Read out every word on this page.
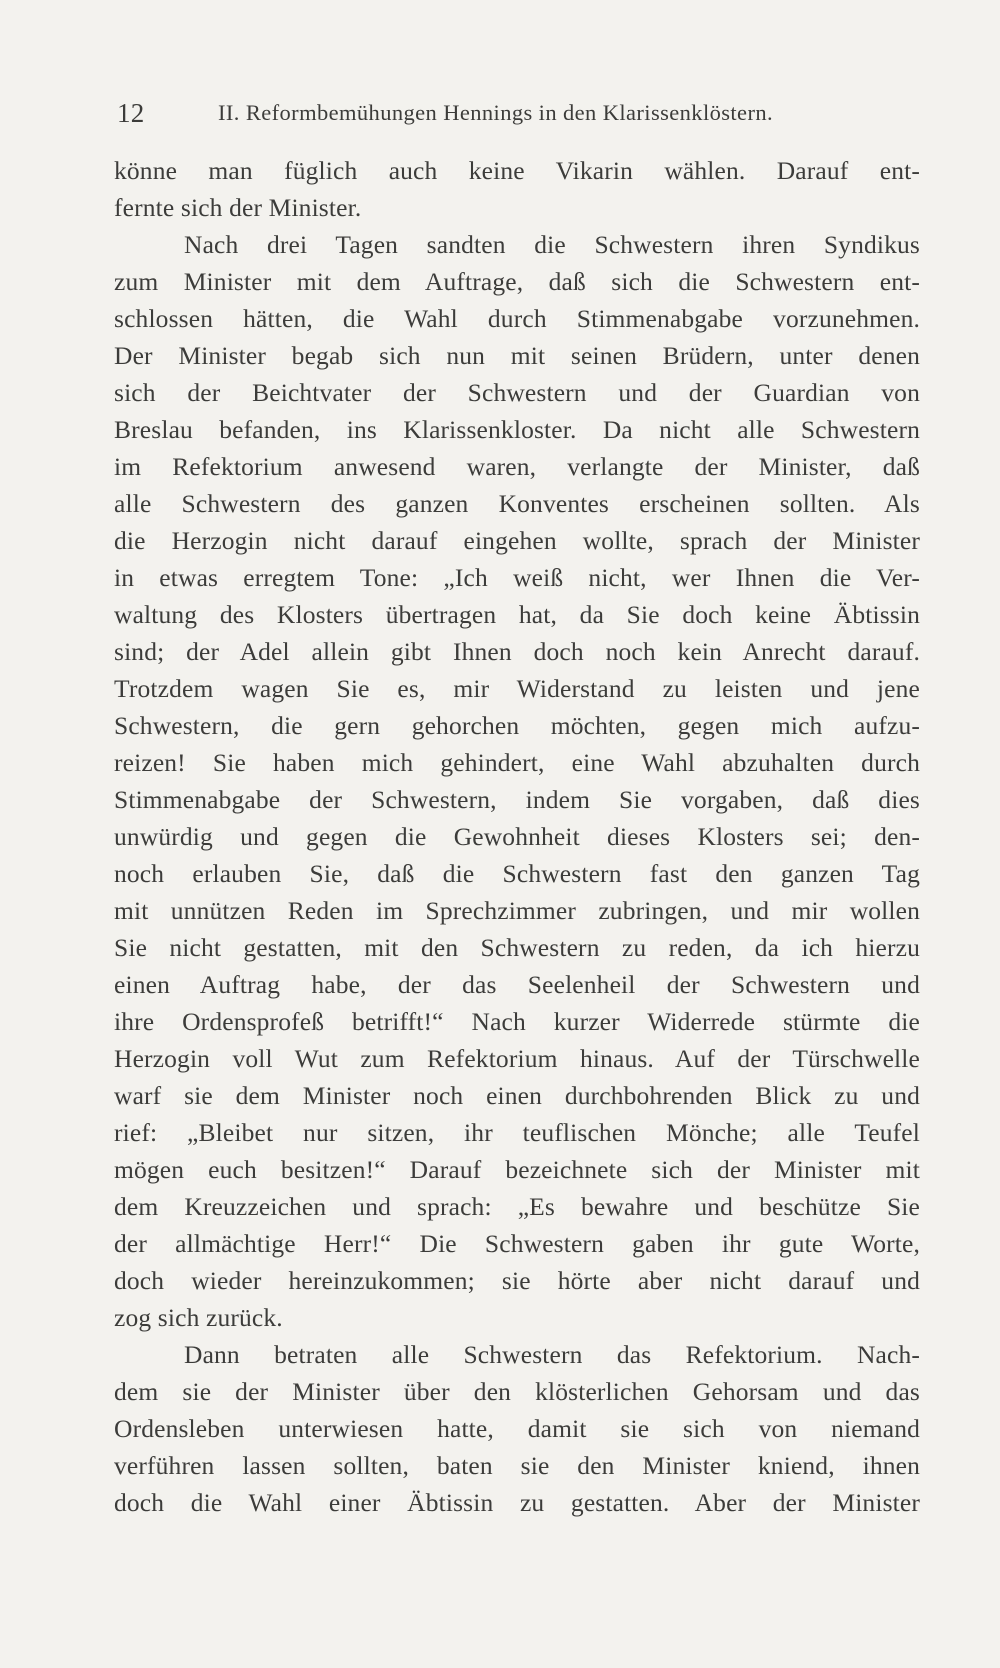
12	II. Reformbemühungen Hennings in den Klarissenklöstern.
könne man füglich auch keine Vikarin wählen. Darauf ent-
fernte sich der Minister.
Nach drei Tagen sandten die Schwestern ihren Syndikus
zum Minister mit dem Auftrage, daß sich die Schwestern ent-
schlossen hätten, die Wahl durch Stimmenabgabe vorzunehmen.
Der Minister begab sich nun mit seinen Brüdern, unter denen
sich der Beichtvater der Schwestern und der Guardian von
Breslau befanden, ins Klarissenkloster. Da nicht alle Schwestern
im Refektorium anwesend waren, verlangte der Minister, daß
alle Schwestern des ganzen Konventes erscheinen sollten. Als
die Herzogin nicht darauf eingehen wollte, sprach der Minister
in etwas erregtem Tone: „Ich weiß nicht, wer Ihnen die Ver-
waltung des Klosters übertragen hat, da Sie doch keine Äbtissin
sind; der Adel allein gibt Ihnen doch noch kein Anrecht darauf.
Trotzdem wagen Sie es, mir Widerstand zu leisten und jene
Schwestern, die gern gehorchen möchten, gegen mich aufzu-
reizen! Sie haben mich gehindert, eine Wahl abzuhalten durch
Stimmenabgabe der Schwestern, indem Sie vorgaben, daß dies
unwürdig und gegen die Gewohnheit dieses Klosters sei; den-
noch erlauben Sie, daß die Schwestern fast den ganzen Tag
mit unnützen Reden im Sprechzimmer zubringen, und mir wollen
Sie nicht gestatten, mit den Schwestern zu reden, da ich hierzu
einen Auftrag habe, der das Seelenheil der Schwestern und
ihre Ordensprofeß betrifft!“ Nach kurzer Widerrede stürmte die
Herzogin voll Wut zum Refektorium hinaus. Auf der Türschwelle
warf sie dem Minister noch einen durchbohrenden Blick zu und
rief: „Bleibet nur sitzen, ihr teuflischen Mönche; alle Teufel
mögen euch besitzen!“ Darauf bezeichnete sich der Minister mit
dem Kreuzzeichen und sprach: „Es bewahre und beschütze Sie
der allmächtige Herr!“ Die Schwestern gaben ihr gute Worte,
doch wieder hereinzukommen; sie hörte aber nicht darauf und
zog sich zurück.
Dann betraten alle Schwestern das Refektorium. Nach-
dem sie der Minister über den klösterlichen Gehorsam und das
Ordensleben unterwiesen hatte, damit sie sich von niemand
verführen lassen sollten, baten sie den Minister kniend, ihnen
doch die Wahl einer Äbtissin zu gestatten. Aber der Minister
